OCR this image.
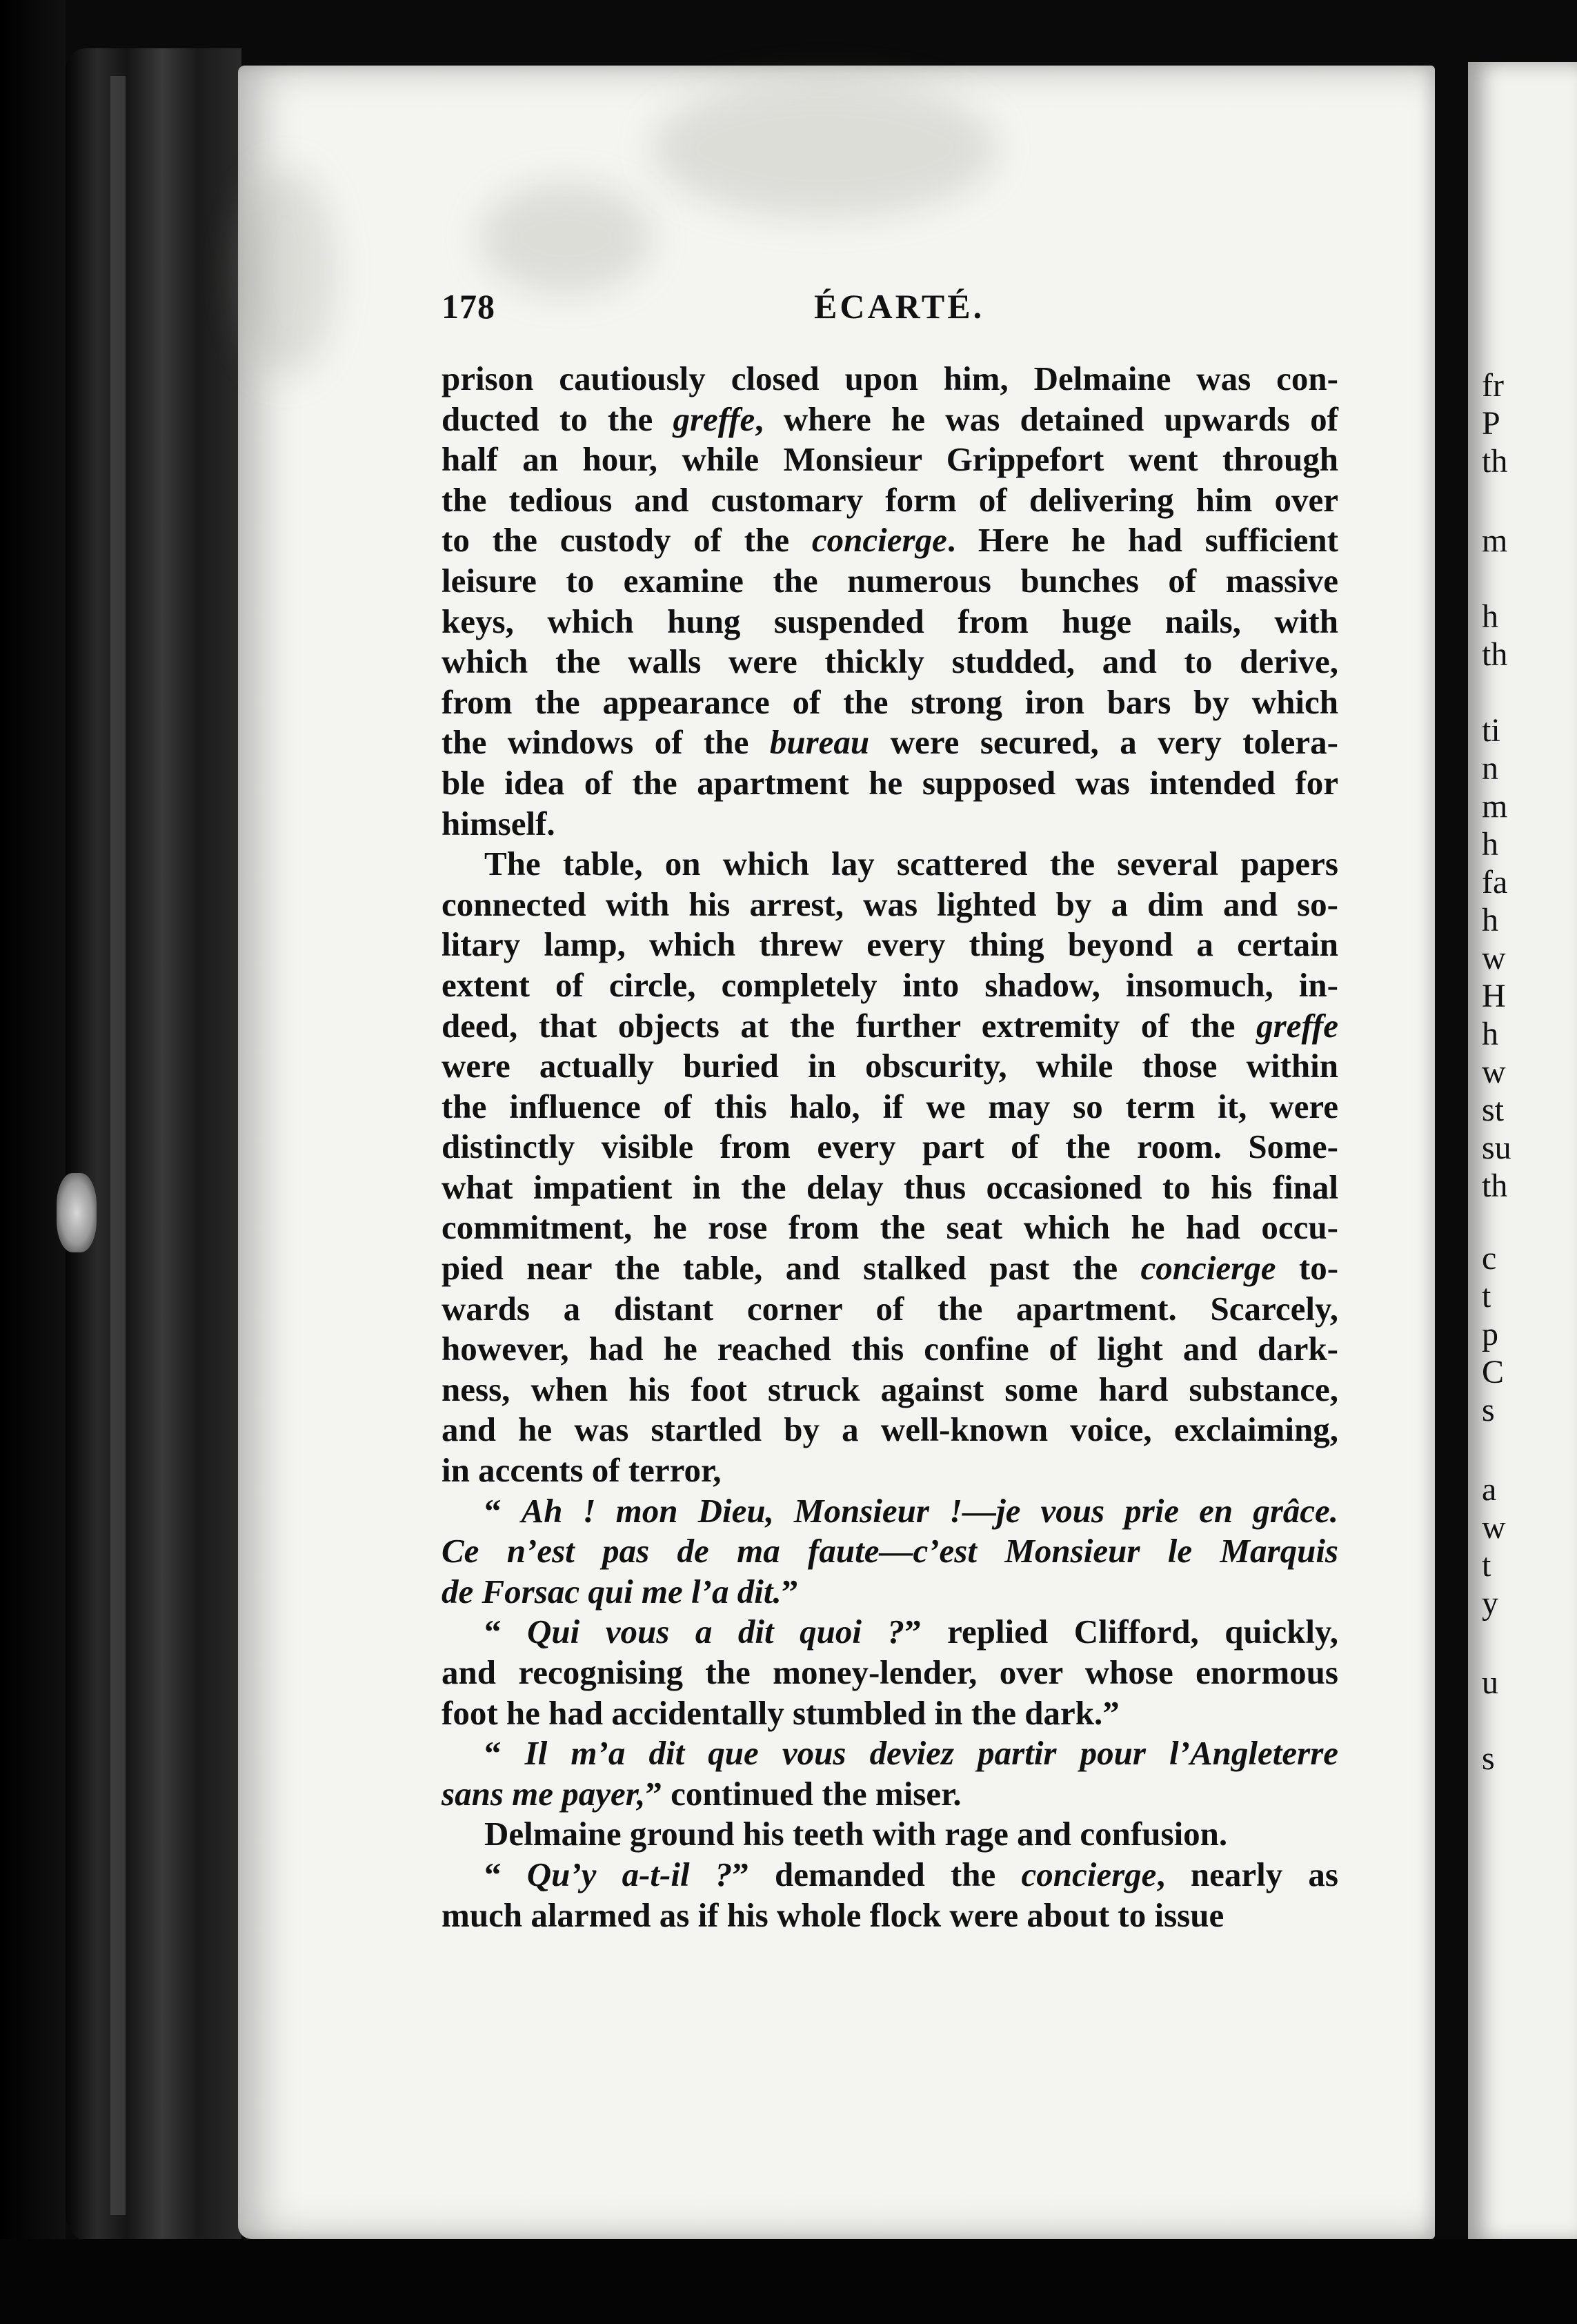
fr
P
th
m
h
th
ti
n
m
h
fa
h
w
H
h
w
st
su
th
c
t
p
C
s
a
w
t
y
u
s
178	ÉCARTÉ.
prison cautiously closed upon him, Delmaine was con-
ducted to the greffe, where he was detained upwards of
half an hour, while Monsieur Grippefort went through
the tedious and customary form of delivering him over
to the custody of the concierge. Here he had sufficient
leisure to examine the numerous bunches of massive
keys, which hung suspended from huge nails, with
which the walls were thickly studded, and to derive,
from the appearance of the strong iron bars by which
the windows of the bureau were secured, a very tolera-
ble idea of the apartment he supposed was intended for
himself.
The table, on which lay scattered the several papers
connected with his arrest, was lighted by a dim and so-
litary lamp, which threw every thing beyond a certain
extent of circle, completely into shadow, insomuch, in-
deed, that objects at the further extremity of the greffe
were actually buried in obscurity, while those within
the influence of this halo, if we may so term it, were
distinctly visible from every part of the room. Some-
what impatient in the delay thus occasioned to his final
commitment, he rose from the seat which he had occu-
pied near the table, and stalked past the concierge to-
wards a distant corner of the apartment. Scarcely,
however, had he reached this confine of light and dark-
ness, when his foot struck against some hard substance,
and he was startled by a well-known voice, exclaiming,
in accents of terror,
“ Ah ! mon Dieu, Monsieur !—je vous prie en grâce.
Ce n’est pas de ma faute—c’est Monsieur le Marquis
de Forsac qui me l’a dit.”
“ Qui vous a dit quoi ?” replied Clifford, quickly,
and recognising the money-lender, over whose enormous
foot he had accidentally stumbled in the dark.”
“ Il m’a dit que vous deviez partir pour l’Angleterre
sans me payer,” continued the miser.
Delmaine ground his teeth with rage and confusion.
“ Qu’y a-t-il ?” demanded the concierge, nearly as
much alarmed as if his whole flock were about to issue
